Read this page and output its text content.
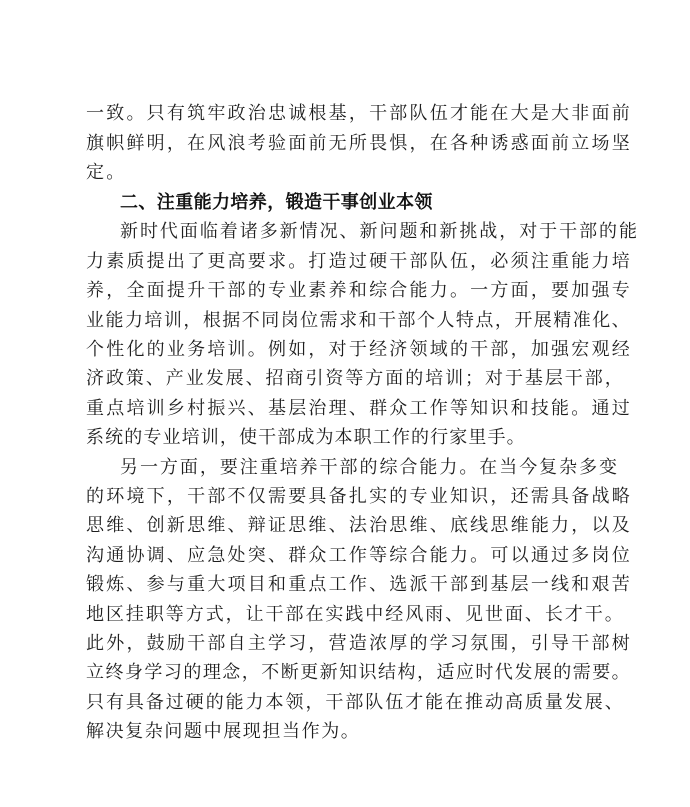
一致。只有筑牢政治忠诚根基，干部队伍才能在大是大非面前
旗帜鲜明，在风浪考验面前无所畏惧，在各种诱惑面前立场坚
定。
二、注重能力培养，锻造干事创业本领
新时代面临着诸多新情况、新问题和新挑战，对于干部的能
力素质提出了更高要求。打造过硬干部队伍，必须注重能力培
养，全面提升干部的专业素养和综合能力。一方面，要加强专
业能力培训，根据不同岗位需求和干部个人特点，开展精准化、
个性化的业务培训。例如，对于经济领域的干部，加强宏观经
济政策、产业发展、招商引资等方面的培训；对于基层干部，
重点培训乡村振兴、基层治理、群众工作等知识和技能。通过
系统的专业培训，使干部成为本职工作的行家里手。
另一方面，要注重培养干部的综合能力。在当今复杂多变
的环境下，干部不仅需要具备扎实的专业知识，还需具备战略
思维、创新思维、辩证思维、法治思维、底线思维能力，以及
沟通协调、应急处突、群众工作等综合能力。可以通过多岗位
锻炼、参与重大项目和重点工作、选派干部到基层一线和艰苦
地区挂职等方式，让干部在实践中经风雨、见世面、长才干。
此外，鼓励干部自主学习，营造浓厚的学习氛围，引导干部树
立终身学习的理念，不断更新知识结构，适应时代发展的需要。
只有具备过硬的能力本领，干部队伍才能在推动高质量发展、
解决复杂问题中展现担当作为。
